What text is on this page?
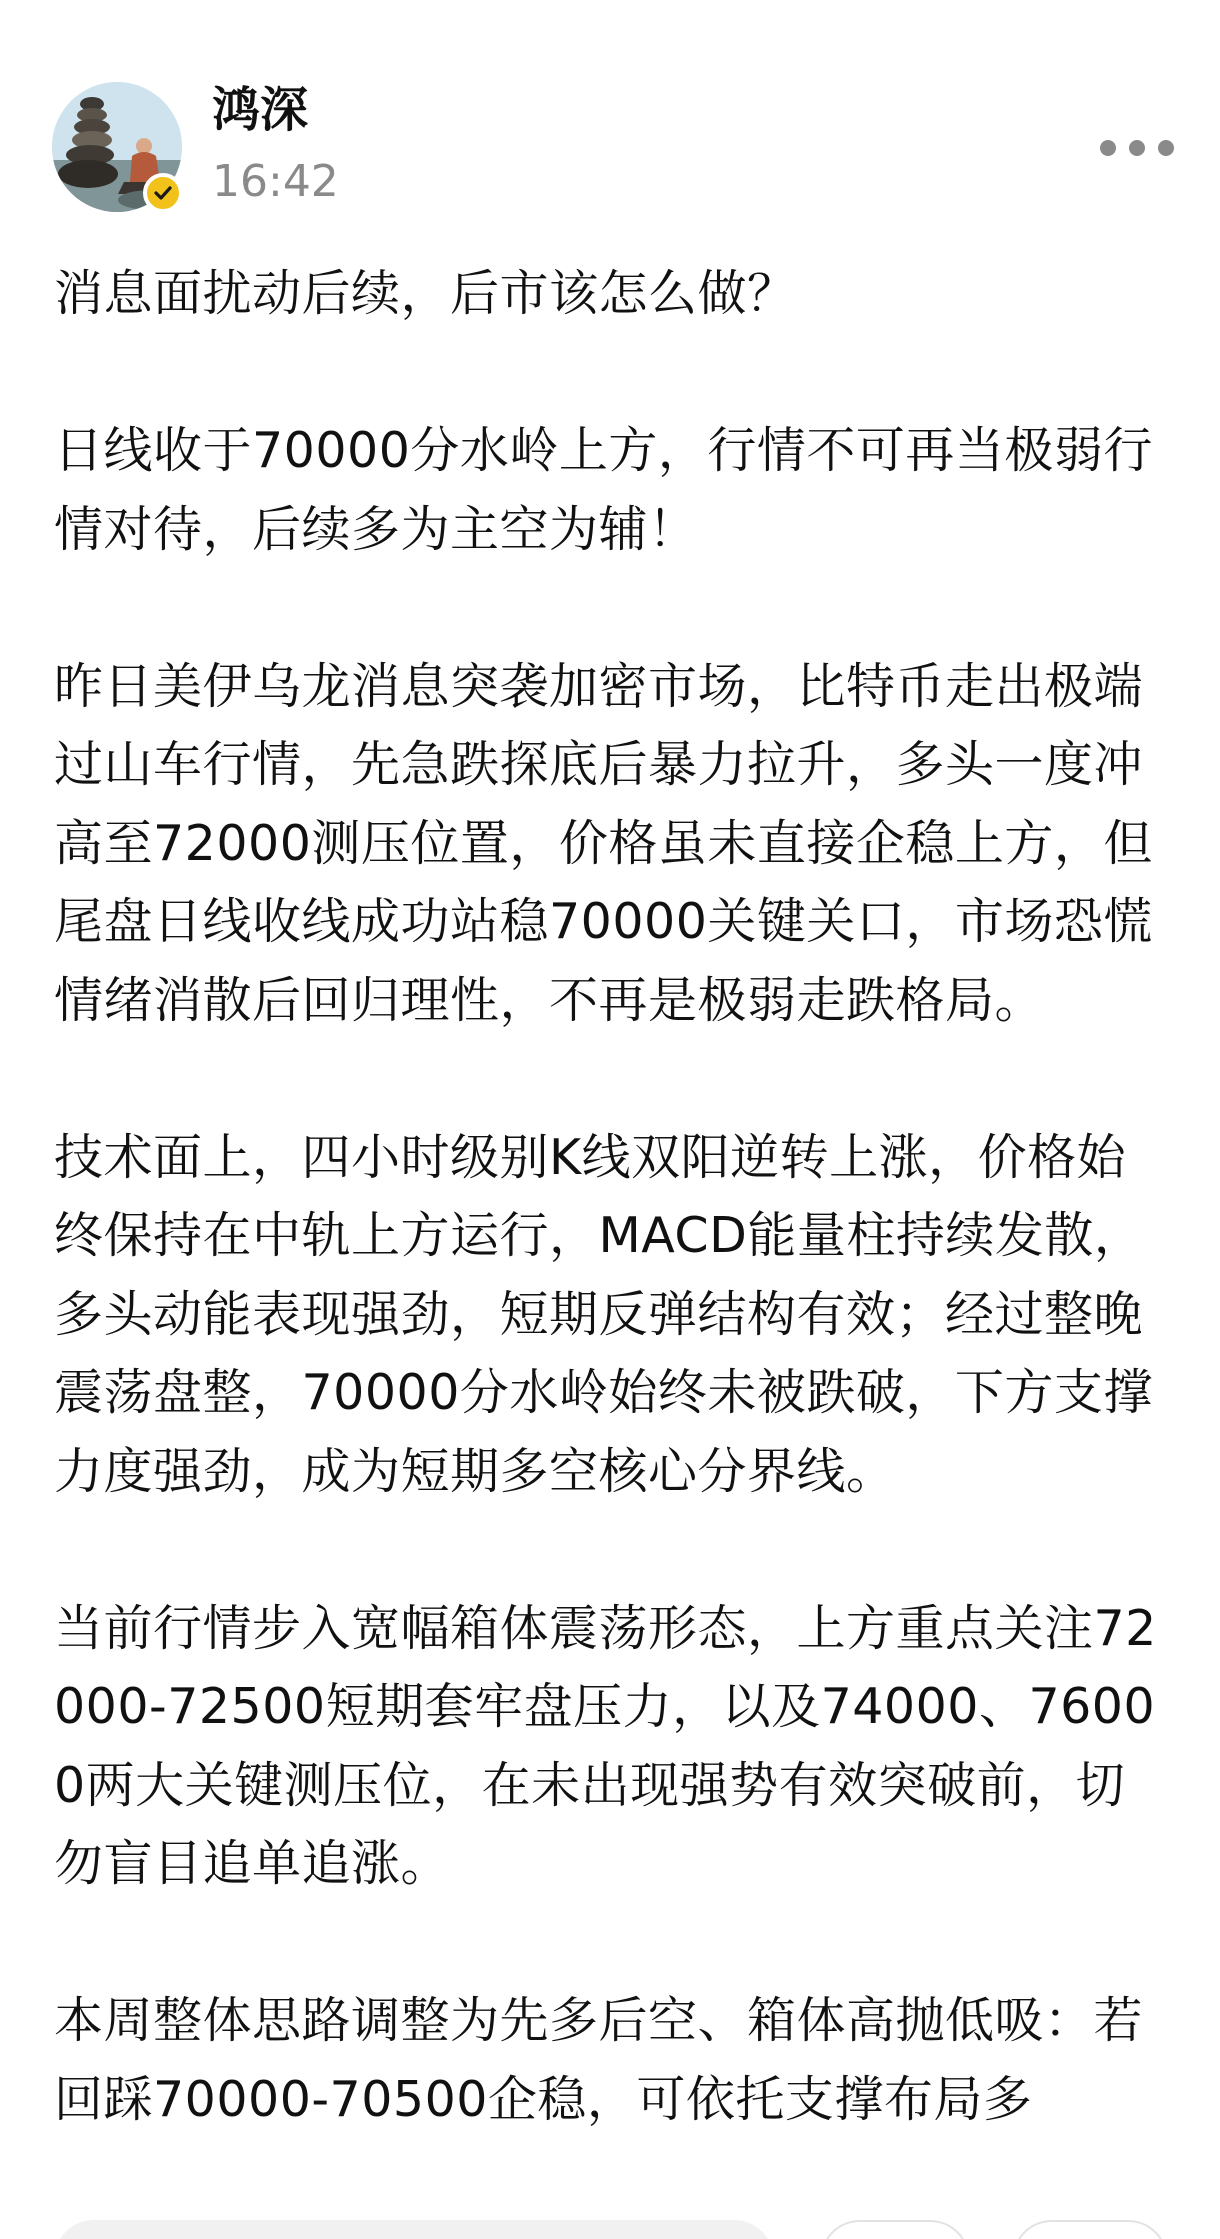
鸿深
16:42

消息面扰动后续，后市该怎么做？

日线收于70000分水岭上方，行情不可再当极弱行情对待，后续多为主空为辅！

昨日美伊乌龙消息突袭加密市场，比特币走出极端过山车行情，先急跌探底后暴力拉升，多头一度冲高至72000测压位置，价格虽未直接企稳上方，但尾盘日线收线成功站稳70000关键关口，市场恐慌情绪消散后回归理性，不再是极弱走跌格局。

技术面上，四小时级别K线双阳逆转上涨，价格始终保持在中轨上方运行，MACD能量柱持续发散，多头动能表现强劲，短期反弹结构有效；经过整晚震荡盘整，70000分水岭始终未被跌破，下方支撑力度强劲，成为短期多空核心分界线。

当前行情步入宽幅箱体震荡形态，上方重点关注72000-72500短期套牢盘压力，以及74000、76000两大关键测压位，在未出现强势有效突破前，切勿盲目追单追涨。

本周整体思路调整为先多后空、箱体高抛低吸：若回踩70000-70500企稳，可依托支撑布局多
